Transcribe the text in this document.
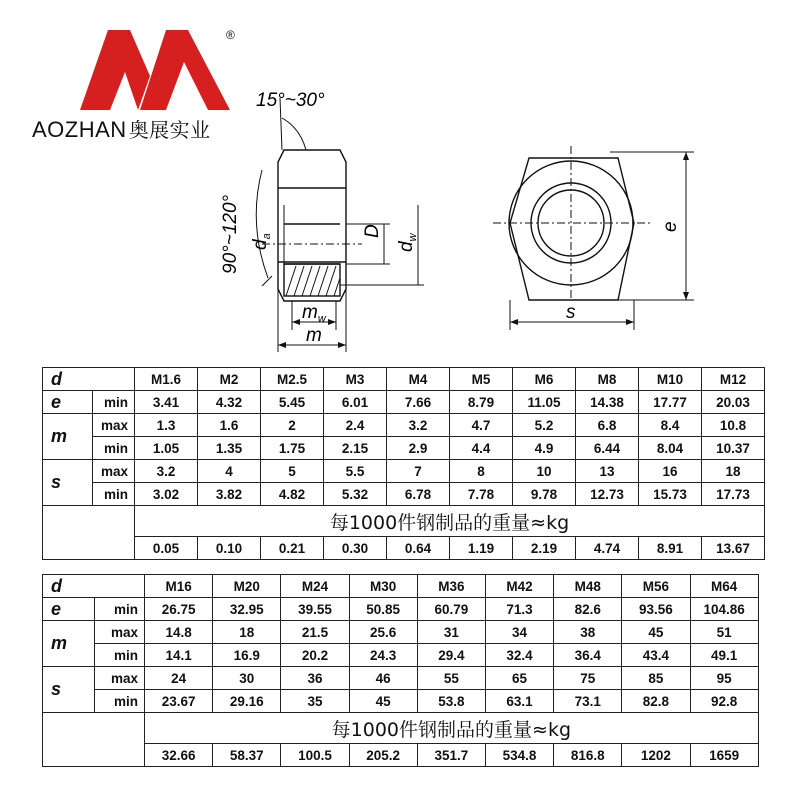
®
AOZHAN 奥展实业
15°~30°
90°~120° $d_a$	D
$d_w$
$m_w$
m
s
e
d		M1.6	M2	M2.5	M3	M4	M5	M6	M8	M10	M12
e	min	3.41	4.32	5.45	6.01	7.66	8.79	11.05	14.38	17.77	20.03
m	max	1.3	1.6	2	2.4	3.2	4.7	5.2	6.8	8.4	10.8
	min	1.05	1.35	1.75	2.15	2.9	4.4	4.9	6.44	8.04	10.37
s	max	3.2	4	5	5.5	7	8	10	13	16	18
	min	3.02	3.82	4.82	5.32	6.78	7.78	9.78	12.73	15.73	17.73
		每1000件钢制品的重量≈kg									
		0.05	0.10	0.21	0.30	0.64	1.19	2.19	4.74	8.91	13.67
d		M16	M20	M24	M30	M36	M42	M48	M56	M64
e	min	26.75	32.95	39.55	50.85	60.79	71.3	82.6	93.56	104.86
m	max	14.8	18	21.5	25.6	31	34	38	45	51
	min	14.1	16.9	20.2	24.3	29.4	32.4	36.4	43.4	49.1
s	max	24	30	36	46	55	65	75	85	95
	min	23.67	29.16	35	45	53.8	63.1	73.1	82.8	92.8
		每1000件钢制品的重量≈kg								
		32.66	58.37	100.5	205.2	351.7	534.8	816.8	1202	1659
